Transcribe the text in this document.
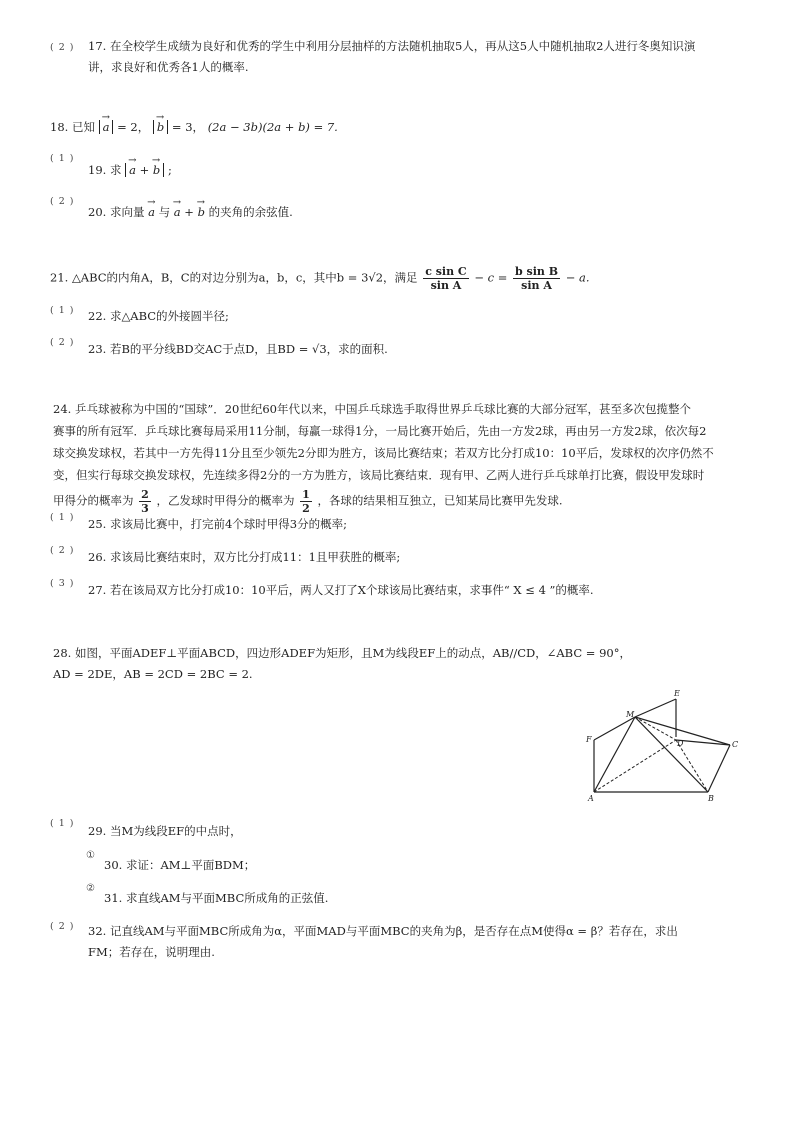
( 2 ) 17. 在全校学生成绩为良好和优秀的学生中利用分层抽样的方法随机抽取5人，再从这5人中随机抽取2人进行冬奥知识演
讲，求良好和优秀各1人的概率.
18. 已知 → a = 2， → b = 3， (2a − 3b)(2a + b) = 7.
( 1 )
19. 求 → a + → b ;
( 2 )
20. 求向量 → a 与 → a + → b 的夹角的余弦值.
21. △ABC的内角A，B，C的对边分别为a，b，c，其中b = 3√2，满足 $\frac{\text{c sin C}}{\text{sin A}} - c = \frac{\text{b sin B}}{\text{sin A}} - a$.
( 1 ) 22. 求△ABC的外接圆半径;
( 2 ) 23. 若B的平分线BD交AC于点D，且BD = √3，求的面积.
24. 乒乓球被称为中国的“国球”．20世纪60年代以来，中国乒乓球选手取得世界乒乓球比赛的大部分冠军，甚至多次包揽整个
赛事的所有冠军．乒乓球比赛每局采用11分制，每赢一球得1分，一局比赛开始后，先由一方发2球，再由另一方发2球，依次每2
球交换发球权，若其中一方先得11分且至少领先2分即为胜方，该局比赛结束；若双方比分打成10：10平后，发球权的次序仍然不
变，但实行每球交换发球权，先连续多得2分的一方为胜方，该局比赛结束．现有甲、乙两人进行乒乓球单打比赛，假设甲发球时
甲得分的概率为 $\frac{2}{3}$ ，乙发球时甲得分的概率为 $\frac{1}{2}$ ，各球的结果相互独立，已知某局比赛甲先发球.
( 1 ) 25. 求该局比赛中，打完前4个球时甲得3分的概率;
( 2 ) 26. 求该局比赛结束时，双方比分打成11：1且甲获胜的概率;
( 3 ) 27. 若在该局双方比分打成10：10平后，两人又打了X个球该局比赛结束，求事件“ X ≤ 4 ”的概率.
28. 如图，平面ADEF⊥平面ABCD，四边形ADEF为矩形，且M为线段EF上的动点，AB//CD，∠ABC = 90°，
AD = 2DE，AB = 2CD = 2BC = 2.
E
M
F	D	C
A	B
( 1 )
29. 当M为线段EF的中点时，
①
30. 求证：AM⊥平面BDM；
②
31. 求直线AM与平面MBC所成角的正弦值.
( 2 ) 32. 记直线AM与平面MBC所成角为α，平面MAD与平面MBC的夹角为β，是否存在点M使得α = β？若存在，求出
FM；若存在，说明理由.
